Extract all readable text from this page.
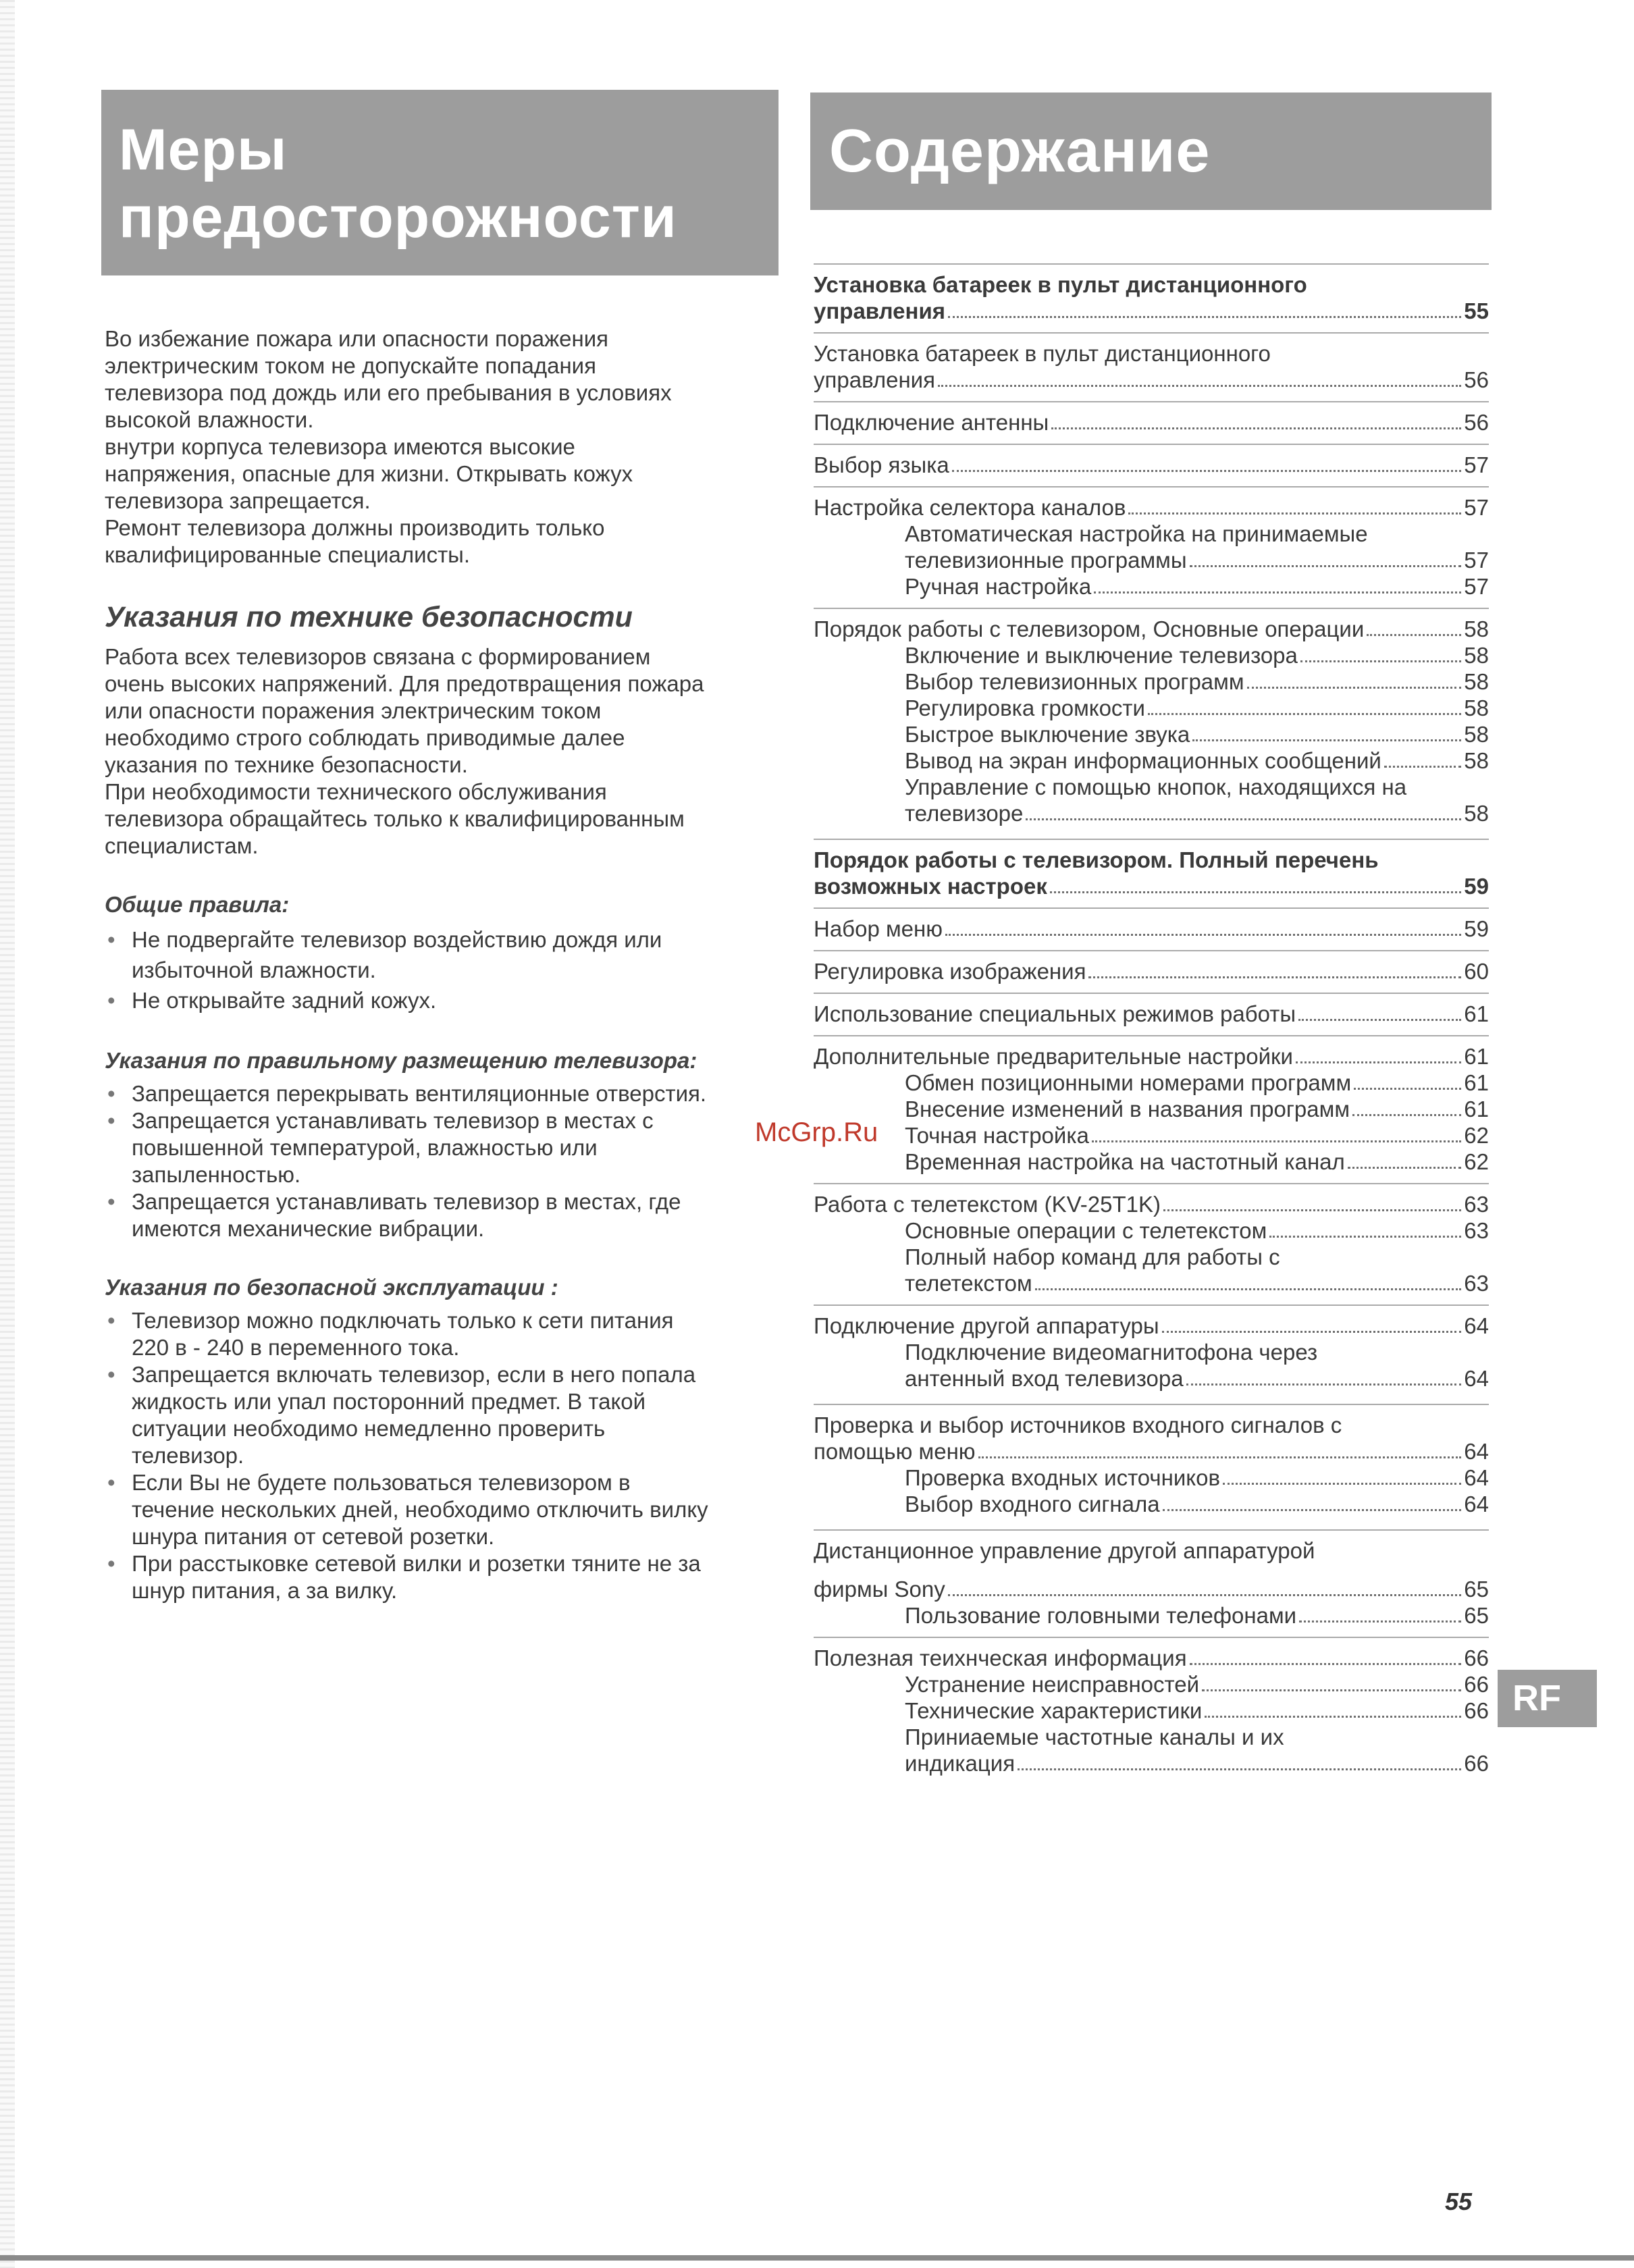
Меры
предосторожности
Содержание

Во избежание пожара или опасности поражения

электрическим током не допускайте попадания

телевизора под дождь или его пребывания в условиях

высокой влажности.

внутри корпуса телевизора имеются высокие

напряжения, опасные для жизни. Открывать кожух

телевизора запрещается.

Ремонт телевизора должны производить только

квалифицированные специалисты.

Указания по технике безопасности

Работа всех телевизоров связана с формированием

очень высоких напряжений. Для предотвращения пожара

или опасности поражения электрическим током

необходимо строго соблюдать приводимые далее

указания по технике безопасности.

При необходимости технического обслуживания

телевизора обращайтесь только к квалифицированным

специалистам.

Общие правила:
• Не подвергайте телевизор воздействию дождя или
избыточной влажности.
• Не открывайте задний кожух.
Указания по правильному размещению телевизора:
• Запрещается перекрывать вентиляционные отверстия.
• Запрещается устанавливать телевизор в местах с
повышенной температурой, влажностью или
запыленностью.
• Запрещается устанавливать телевизор в местах, где
имеются механические вибрации.
Указания по безопасной эксплуатации :
• Телевизор можно подключать только к сети питания
220 в - 240 в переменного тока.
• Запрещается включать телевизор, если в него попала
жидкость или упал посторонний предмет. В такой
ситуации необходимо немедленно проверить
телевизор.
• Если Вы не будете пользоваться телевизором в
течение нескольких дней, необходимо отключить вилку
шнура питания от сетевой розетки.
• При расстыковке сетевой вилки и розетки тяните не за
шнур питания, а за вилку.
Установка батареек в пульт дистанционного
управления	55
Установка батареек в пульт дистанционного
управления	56
Подключение антенны	56
Выбор языка	57
Настройка селектора каналов	57
Автоматическая настройка на принимаемые
телевизионные программы	57
Ручная настройка	57
Порядок работы с телевизором, Основные операции	58
Включение и выключение телевизора	58
Выбор телевизионных программ	58
Регулировка громкости	58
Быстрое выключение звука	58
Вывод на экран информационных сообщений	58
Управление с помощью кнопок, находящихся на
телевизоре	58
Порядок работы с телевизором. Полный перечень
возможных настроек	59
Набор меню	59
Регулировка изображения	60
Использование специальных режимов работы	61
Дополнительные предварительные настройки	61
Обмен позиционными номерами программ	61
Внесение изменений в названия программ	61
Точная настройка	62
Временная настройка на частотный канал	62
Работа с телетекстом (KV-25T1K)	63
Основные операции с телетекстом	63
Полный набор команд для работы с
телетекстом	63
Подключение другой аппаратуры	64
Подключение видеомагнитофона через
антенный вход телевизора	64
Проверка и выбор источников входного сигналов с
помощью меню	64
Проверка входных источников	64
Выбор входного сигнала	64
Дистанционное управление другой аппаратурой
фирмы Sony	65
Пользование головными телефонами	65
Полезная теихнческая информация	66
Устранение неисправностей	66
Технические характеристики	66
Приниаемые частотные каналы и их
индикация	66
McGrp.Ru
RF
55
